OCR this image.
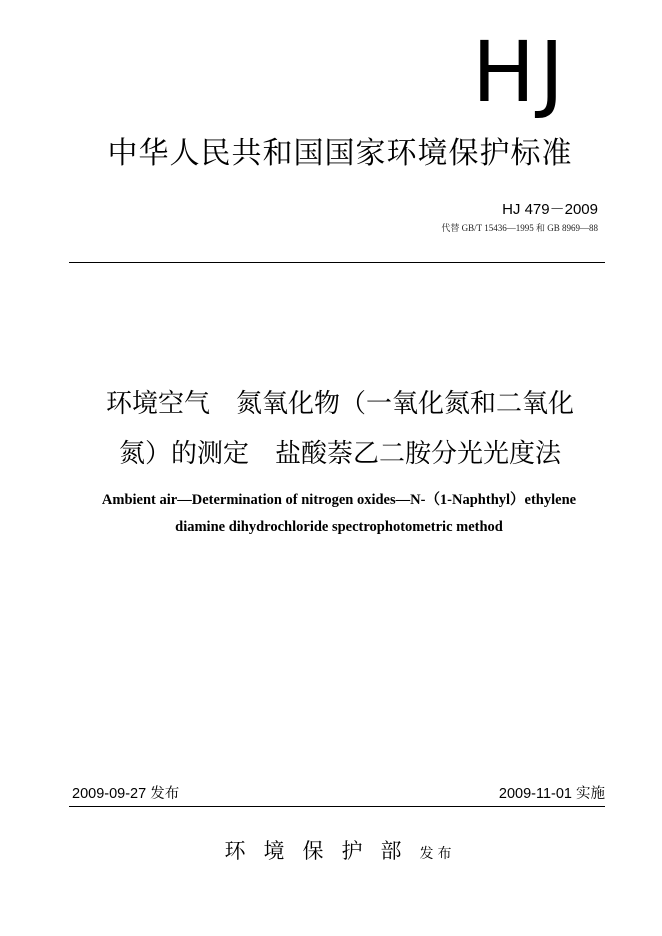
HJ
中华人民共和国国家环境保护标准
HJ 479－2009
代替 GB/T 15436—1995 和 GB 8969—88
环境空气　氮氧化物（一氧化氮和二氧化
氮）的测定　盐酸萘乙二胺分光光度法
Ambient air—Determination of nitrogen oxides—N-（1-Naphthyl）ethylene
diamine dihydrochloride spectrophotometric method
2009-09-27 发布	2009-11-01 实施
环境保护部发布
